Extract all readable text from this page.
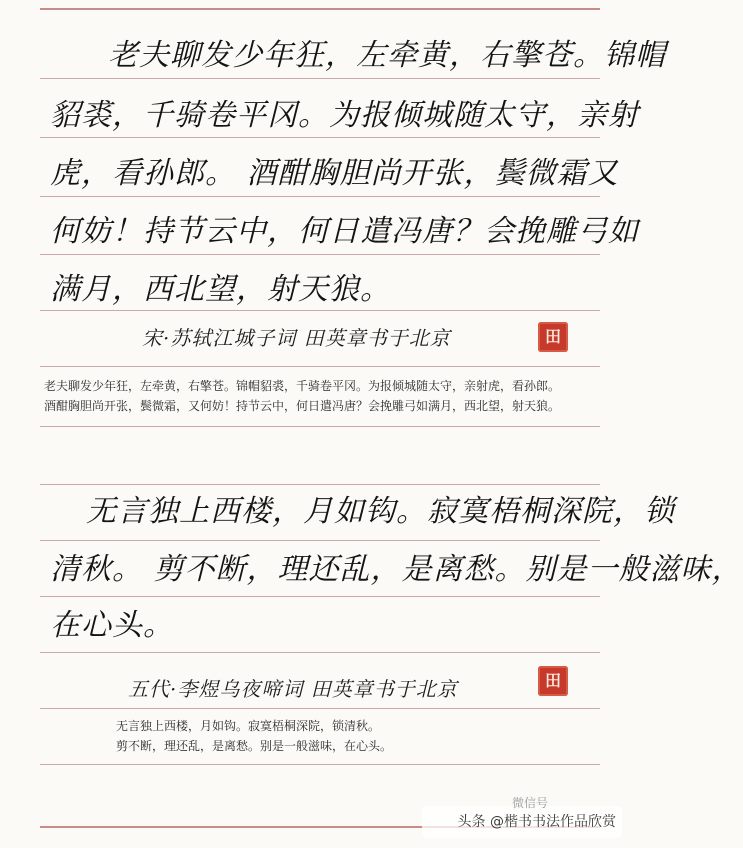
老夫聊发少年狂，左牵黄，右擎苍。锦帽
貂裘，千骑卷平冈。为报倾城随太守，亲射
虎，看孙郎。 酒酣胸胆尚开张，鬓微霜又
何妨！持节云中，何日遣冯唐？会挽雕弓如
满月，西北望，射天狼。
宋·苏轼江城子词 田英章书于北京	田
老夫聊发少年狂，左牵黄，右擎苍。锦帽貂裘，千骑卷平冈。为报倾城随太守，亲射虎，看孙郎。
酒酣胸胆尚开张，鬓微霜，又何妨！持节云中，何日遣冯唐？会挽雕弓如满月，西北望，射天狼。
无言独上西楼，月如钩。寂寞梧桐深院，锁
清秋。 剪不断，理还乱，是离愁。别是一般滋味，
在心头。
五代·李煜乌夜啼词 田英章书于北京	田
无言独上西楼，月如钩。寂寞梧桐深院，锁清秋。
剪不断，理还乱，是离愁。别是一般滋味，在心头。
微信号
头条 @楷书书法作品欣赏
